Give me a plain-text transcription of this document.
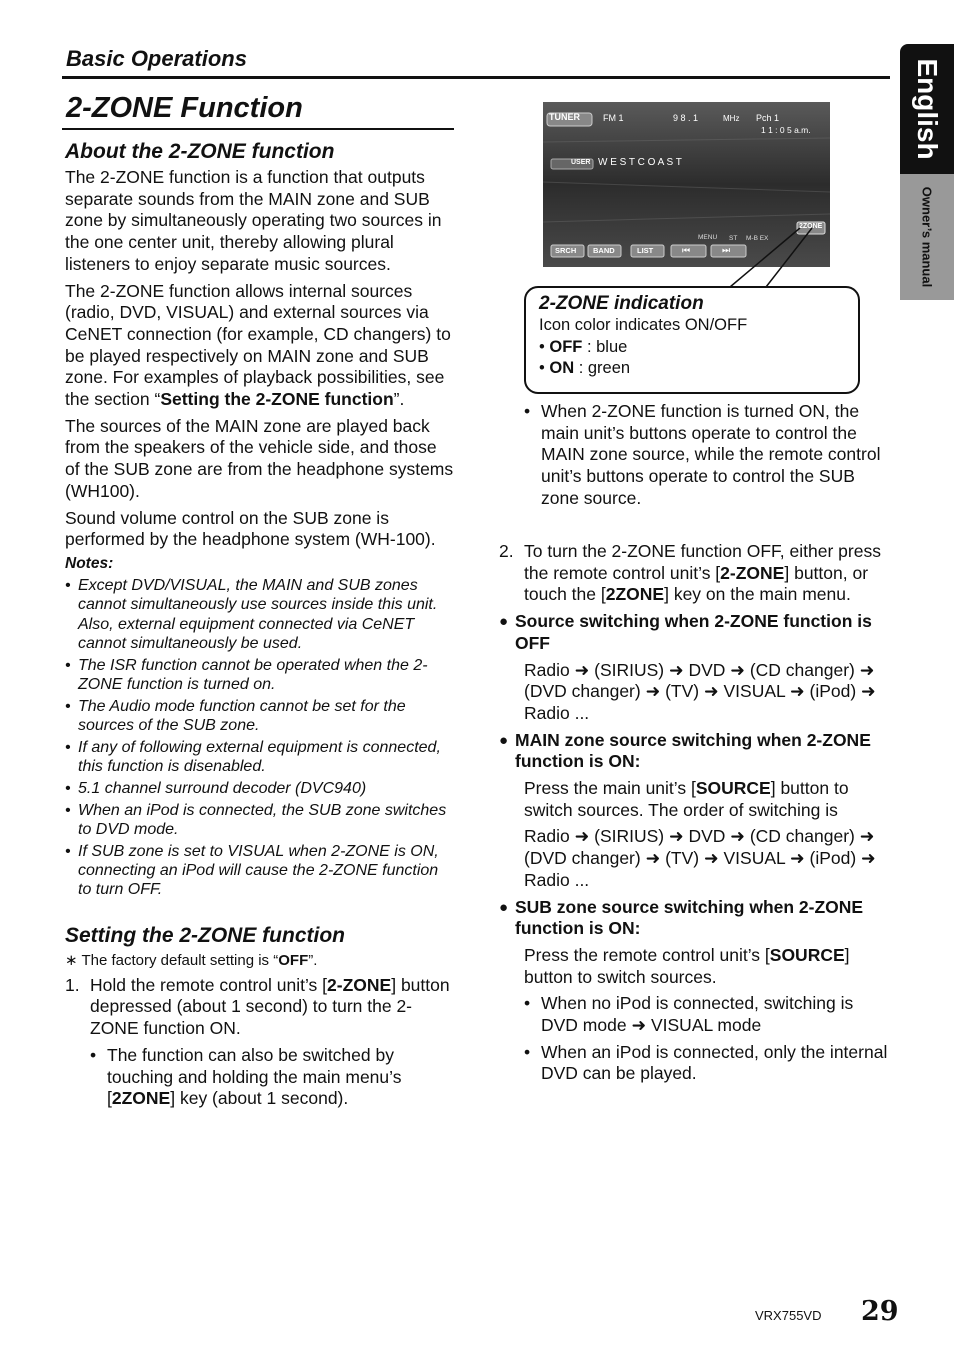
Basic Operations
2-ZONE Function	English
Owner’s manual
About the 2-ZONE function
The 2-ZONE function is a function that outputs separate sounds from the MAIN zone and SUB zone by simultaneously operating two sources in the one center unit, thereby allowing plural listeners to enjoy separate music sources.
The 2-ZONE function allows internal sources (radio, DVD, VISUAL) and external sources via CeNET connection (for example, CD changers) to be played respectively on MAIN zone and SUB zone. For examples of playback possibilities, see the section “Setting the 2-ZONE function”.
The sources of the MAIN zone are played back from the speakers of the vehicle side, and those of the SUB zone are from the headphone systems (WH100).
Sound volume control on the SUB zone is performed by the headphone system (WH-100).
Notes:
• Except DVD/VISUAL, the MAIN and SUB zones cannot simultaneously use sources inside this unit. Also, external equipment connected via CeNET cannot simultaneously be used.
• The ISR function cannot be operated when the 2-ZONE function is turned on.
• The Audio mode function cannot be set for the sources of the SUB zone.
• If any of following external equipment is connected, this function is disenabled.
• 5.1 channel surround decoder (DVC940)
• When an iPod is connected, the SUB zone switches to DVD mode.
• If SUB zone is set to VISUAL when 2-ZONE is ON, connecting an iPod will cause the 2-ZONE function to turn OFF.
Setting the 2-ZONE function
∗ The factory default setting is “OFF”.
1. Hold the remote control unit’s [2-ZONE] button depressed (about 1 second) to turn the 2-ZONE function ON.
• The function can also be switched by touching and holding the main menu’s [2ZONE] key (about 1 second).
TUNER	FM 1	9 8 . 1	MHz Pch 1
1 1 : 0 5 a.m.
USER W E S T C O A S T
2ZONE
MENU ST M-B EX
SRCH BAND	LIST	⏮	⏭
2-ZONE indication
Icon color indicates ON/OFF
• OFF : blue
• ON : green
• When 2-ZONE function is turned ON, the main unit’s buttons operate to control the MAIN zone source, while the remote control unit’s buttons operate to control the SUB zone source.
2. To turn the 2-ZONE function OFF, either press the remote control unit’s [2-ZONE] button, or touch the [2ZONE] key on the main menu.
● Source switching when 2-ZONE function is OFF
Radio ➜ (SIRIUS) ➜ DVD ➜ (CD changer) ➜ (DVD changer) ➜ (TV) ➜ VISUAL ➜ (iPod) ➜ Radio ...
● MAIN zone source switching when 2-ZONE function is ON:
Press the main unit’s [SOURCE] button to switch sources. The order of switching is
Radio ➜ (SIRIUS) ➜ DVD ➜ (CD changer) ➜ (DVD changer) ➜ (TV) ➜ VISUAL ➜ (iPod) ➜ Radio ...
● SUB zone source switching when 2-ZONE function is ON:
Press the remote control unit’s [SOURCE] button to switch sources.
• When no iPod is connected, switching is DVD mode ➜ VISUAL mode
• When an iPod is connected, only the internal DVD can be played.
VRX755VD 29
